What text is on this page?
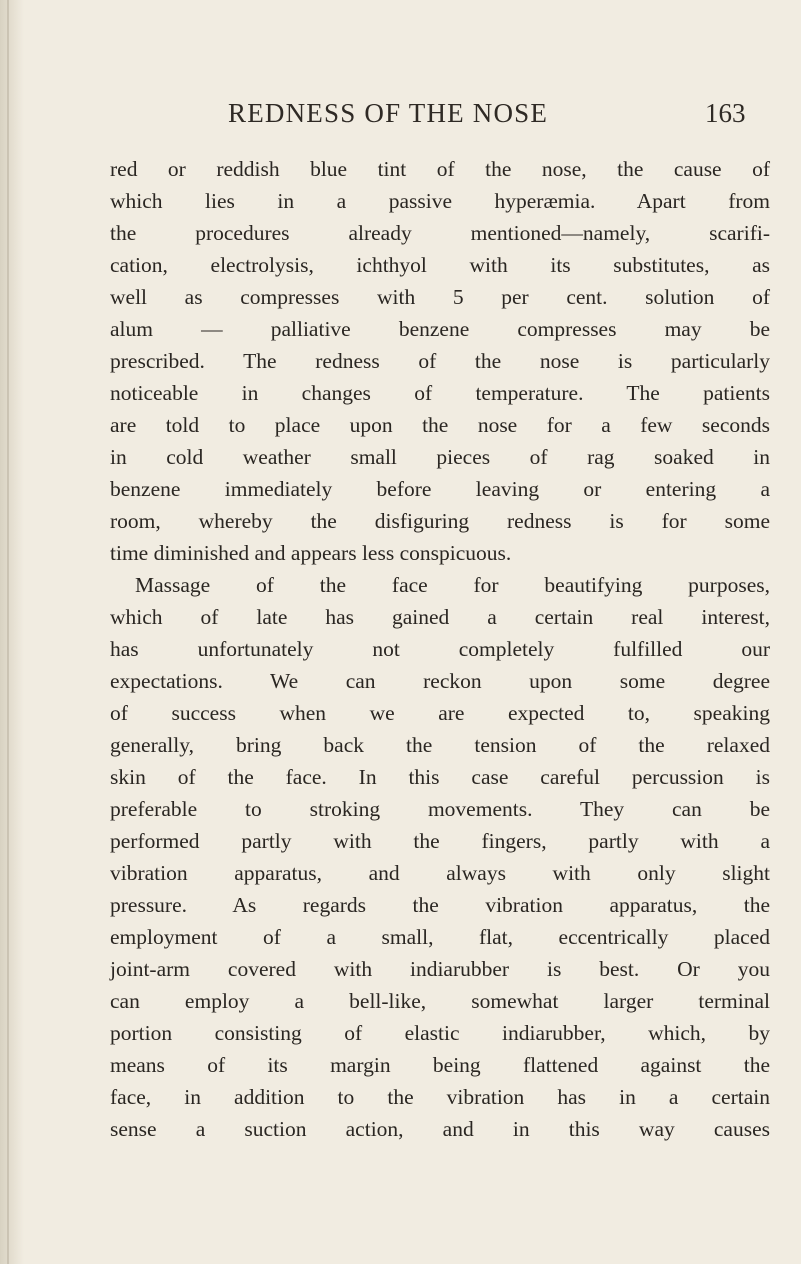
REDNESS OF THE NOSE	163
red or reddish blue tint of the nose, the cause of
which lies in a passive hyperæmia. Apart from
the procedures already mentioned—namely, scarifi-
cation, electrolysis, ichthyol with its substitutes, as
well as compresses with 5 per cent. solution of
alum — palliative benzene compresses may be
prescribed. The redness of the nose is particularly
noticeable in changes of temperature. The patients
are told to place upon the nose for a few seconds
in cold weather small pieces of rag soaked in
benzene immediately before leaving or entering a
room, whereby the disfiguring redness is for some
time diminished and appears less conspicuous.
Massage of the face for beautifying purposes,
which of late has gained a certain real interest,
has unfortunately not completely fulfilled our
expectations. We can reckon upon some degree
of success when we are expected to, speaking
generally, bring back the tension of the relaxed
skin of the face. In this case careful percussion is
preferable to stroking movements. They can be
performed partly with the fingers, partly with a
vibration apparatus, and always with only slight
pressure. As regards the vibration apparatus, the
employment of a small, flat, eccentrically placed
joint-arm covered with indiarubber is best. Or you
can employ a bell-like, somewhat larger terminal
portion consisting of elastic indiarubber, which, by
means of its margin being flattened against the
face, in addition to the vibration has in a certain
sense a suction action, and in this way causes
